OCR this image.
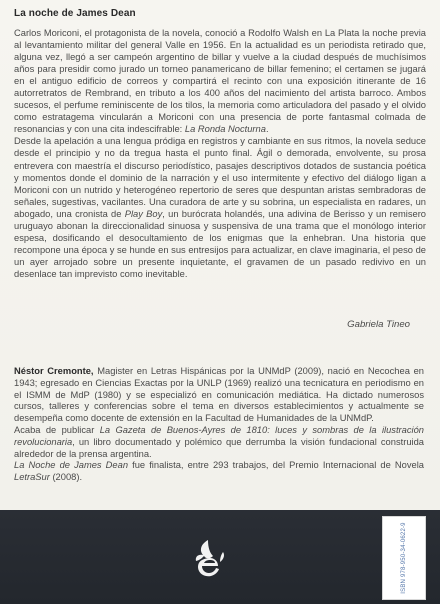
La noche de James Dean

Carlos Moriconi, el protagonista de la novela, conoció a Rodolfo Walsh en La Plata la noche previa al levantamiento militar del general Valle en 1956. En la actualidad es un periodista retirado que, alguna vez, llegó a ser campeón argentino de billar y vuelve a la ciudad después de muchísimos años para presidir como jurado un torneo panamericano de billar femenino; el certamen se jugará en el antiguo edificio de correos y compartirá el recinto con una exposición itinerante de 16 autorretratos de Rembrand, en tributo a los 400 años del nacimiento del artista barroco. Ambos sucesos, el perfume reminiscente de los tilos, la memoria como articuladora del pasado y el olvido como estratagema vincularán a Moriconi con una presencia de porte fantasmal colmada de resonancias y con una cita indescifrable: La Ronda Nocturna.

Desde la apelación a una lengua pródiga en registros y cambiante en sus ritmos, la novela seduce desde el principio y no da tregua hasta el punto final. Ágil o demorada, envolvente, su prosa entrevera con maestría el discurso periodístico, pasajes descriptivos dotados de sustancia poética y momentos donde el dominio de la narración y el uso intermitente y efectivo del diálogo ligan a Moriconi con un nutrido y heterogéneo repertorio de seres que despuntan aristas sembradoras de señales, sugestivas, vacilantes. Una curadora de arte y su sobrina, un especialista en radares, un abogado, una cronista de Play Boy, un burócrata holandés, una adivina de Berisso y un remisero uruguayo abonan la direccionalidad sinuosa y suspensiva de una trama que el monólogo interior espesa, dosificando el desocultamiento de los enigmas que la enhebran. Una historia que recompone una época y se hunde en sus entresijos para actualizar, en clave imaginaria, el peso de un ayer arrojado sobre un presente inquietante, el gravamen de un pasado redivivo en un desenlace tan imprevisto como inevitable.

Gabriela Tineo

Néstor Cremonte, Magister en Letras Hispánicas por la UNMdP (2009), nació en Necochea en 1943; egresado en Ciencias Exactas por la UNLP (1969) realizó una tecnicatura en periodismo en el ISMM de MdP (1980) y se especializó en comunicación mediática. Ha dictado numerosos cursos, talleres y conferencias sobre el tema en diversos establecimientos y actualmente se desempeña como docente de extensión en la Facultad de Humanidades de la UNMdP.

Acaba de publicar La Gazeta de Buenos-Ayres de 1810: luces y sombras de la ilustración revolucionaria, un libro documentado y polémico que derrumba la visión fundacional construida alrededor de la prensa argentina.

La Noche de James Dean fue finalista, entre 293 trabajos, del Premio Internacional de Novela LetraSur (2008).

ISBN 978-950-34-0622-9
